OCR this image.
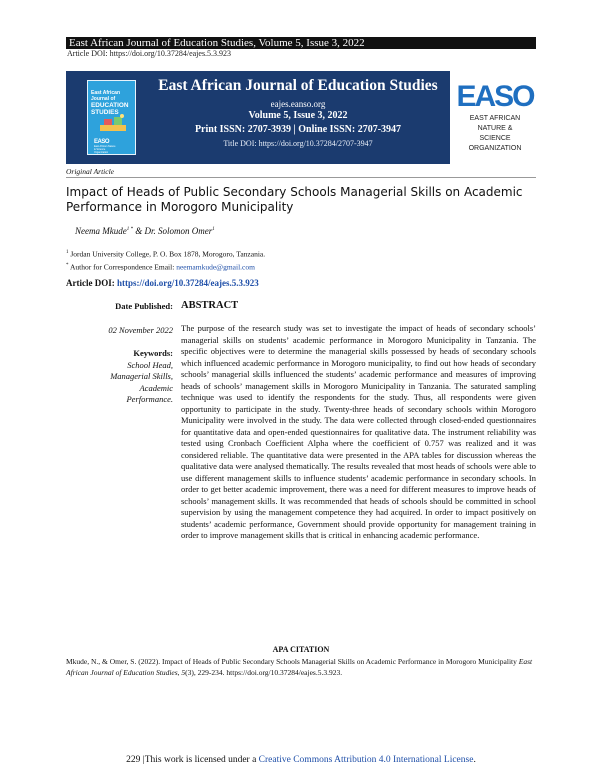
East African Journal of Education Studies, Volume 5, Issue 3, 2022
Article DOI: https://doi.org/10.37284/eajes.5.3.923
East African
Journal of
EDUCATION
STUDIES
EASO
East African Nature & Science Organization
East African Journal of Education Studies
eajes.eanso.org
Volume 5, Issue 3, 2022
Print ISSN: 2707-3939 | Online ISSN: 2707-3947
Title DOI: https://doi.org/10.37284/2707-3947
EASO
EAST AFRICAN
NATURE &
SCIENCE
ORGANIZATION
Original Article
Impact of Heads of Public Secondary Schools Managerial Skills on Academic Performance in Morogoro Municipality
Neema Mkude$^{1 *}$ & Dr. Solomon Omer$^1$
$^1$ Jordan University College, P. O. Box 1878, Morogoro, Tanzania.
* Author for Correspondence Email: neemamkude@gmail.com
Article DOI: https://doi.org/10.37284/eajes.5.3.923
Date Published:
02 November 2022
Keywords:
School Head,
Managerial Skills,
Academic
Performance.
ABSTRACT

The purpose of the research study was set to investigate the impact of heads of secondary schools’ managerial skills on students’ academic performance in Morogoro Municipality in Tanzania. The specific objectives were to determine the managerial skills possessed by heads of secondary schools which influenced academic performance in Morogoro municipality, to find out how heads of secondary schools’ managerial skills influenced the students’ academic performance and measures of improving heads of schools’ management skills in Morogoro Municipality in Tanzania. The saturated sampling technique was used to identify the respondents for the study. Thus, all respondents were given opportunity to participate in the study. Twenty-three heads of secondary schools within Morogoro Municipality were involved in the study. The data were collected through closed-ended questionnaires for quantitative data and open-ended questionnaires for qualitative data. The instrument reliability was tested using Cronbach Coefficient Alpha where the coefficient of 0.757 was realized and it was considered reliable. The quantitative data were presented in the APA tables for discussion whereas the qualitative data were analysed thematically. The results revealed that most heads of schools were able to use different management skills to influence students’ academic performance in secondary schools. In order to get better academic improvement, there was a need for different measures to improve heads of schools’ management skills. It was recommended that heads of schools should be committed in school supervision by using the management competence they had acquired. In order to impact positively on students’ academic performance, Government should provide opportunity for management training in order to improve management skills that is critical in enhancing academic performance.

APA CITATION

Mkude, N., & Omer, S. (2022). Impact of Heads of Public Secondary Schools Managerial Skills on Academic Performance in Morogoro Municipality East African Journal of Education Studies, 5(3), 229-234. https://doi.org/10.37284/eajes.5.3.923.

229 |This work is licensed under a Creative Commons Attribution 4.0 International License.
